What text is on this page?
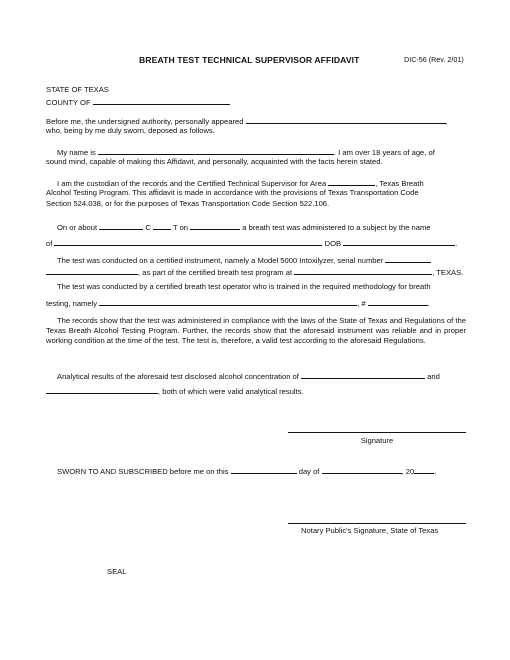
BREATH TEST TECHNICAL SUPERVISOR AFFIDAVIT	DIC-56 (Rev. 2/01)
STATE OF TEXAS
COUNTY OF
Before me, the undersigned authority, personally appeared	,
who, being by me duly sworn, deposed as follows.
My name is	. I am over 18 years of age, of
sound mind, capable of making this Affidavit, and personally, acquainted with the facts herein stated.
I am the custodian of the records and the Certified Technical Supervisor for Area	, Texas Breath
Alcohol Testing Program. This affidavit is made in accordance with the provisions of Texas Transportation Code
Section 524.038, or for the purposes of Texas Transportation Code Section 522.106.
On or about	C	T on	a breath test was administered to a subject by the name
of	DOB	.
The test was conducted on a certified instrument, namely a Model 5000 Intoxilyzer, serial number
, as part of the certified breath test program at	, TEXAS.
The test was conducted by a certified breath test operator who is trained in the required methodology for breath
testing, namely	, #	.
The records show that the test was administered in compliance with the laws of the State of Texas and Regulations of the Texas Breath Alcohol Testing Program. Further, the records show that the aforesaid instrument was reliable and in proper working condition at the time of the test. The test is, therefore, a valid test according to the aforesaid Regulations.
Analytical results of the aforesaid test disclosed alcohol concentration of	and
, both of which were valid analytical results.
Signature
SWORN TO AND SUBSCRIBED before me on this	day of	, 20	.
Notary Public's Signature, State of Texas
SEAL
